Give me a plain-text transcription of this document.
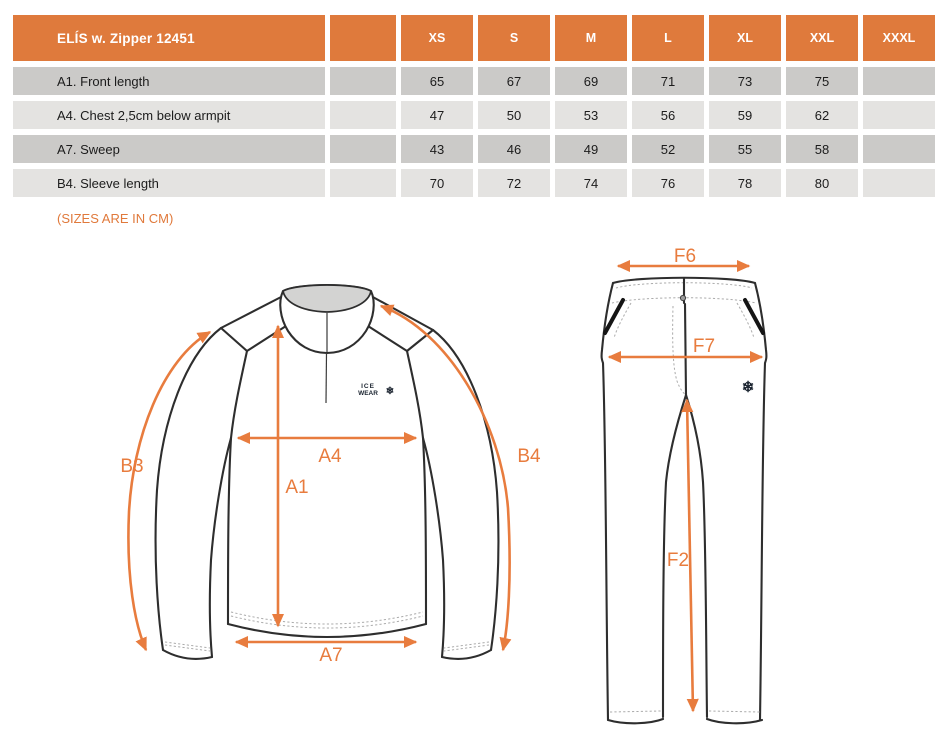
ELÍS w. Zipper 12451	XS	S	M	L	XL	XXL	XXXL
A1. Front length	65	67	69	71	73	75
A4. Chest 2,5cm below armpit	47	50	53	56	59	62
A7. Sweep	43	46	49	52	55	58
B4. Sleeve length	70	72	74	76	78	80
(SIZES ARE IN CM)
ICE
WEAR ❄
B3	B4
A4
A1
A7
❄
F6
F7
F2
